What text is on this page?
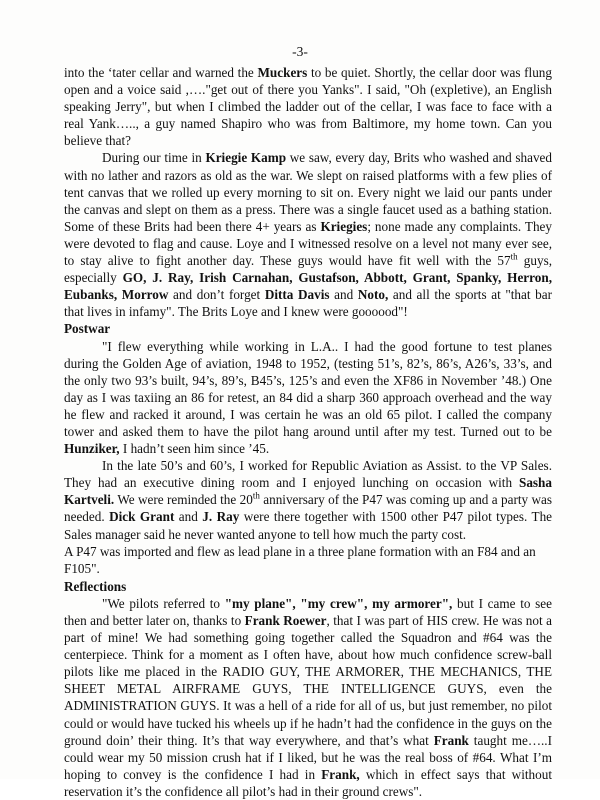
-3-

into the ‘tater cellar and warned the Muckers to be quiet. Shortly, the cellar door was flung open and a voice said ,…."get out of there you Yanks". I said, "Oh (expletive), an English speaking Jerry", but when I climbed the ladder out of the cellar, I was face to face with a real Yank….., a guy named Shapiro who was from Baltimore, my home town. Can you believe that?

During our time in Kriegie Kamp we saw, every day, Brits who washed and shaved with no lather and razors as old as the war. We slept on raised platforms with a few plies of tent canvas that we rolled up every morning to sit on. Every night we laid our pants under the canvas and slept on them as a press. There was a single faucet used as a bathing station. Some of these Brits had been there 4+ years as Kriegies; none made any complaints. They were devoted to flag and cause. Loye and I witnessed resolve on a level not many ever see, to stay alive to fight another day. These guys would have fit well with the 57th guys, especially GO, J. Ray, Irish Carnahan, Gustafson, Abbott, Grant, Spanky, Herron, Eubanks, Morrow and don’t forget Ditta Davis and Noto, and all the sports at "that bar that lives in infamy". The Brits Loye and I knew were goooood"!

Postwar

"I flew everything while working in L.A.. I had the good fortune to test planes during the Golden Age of aviation, 1948 to 1952, (testing 51’s, 82’s, 86’s, A26’s, 33’s, and the only two 93’s built, 94’s, 89’s, B45’s, 125’s and even the XF86 in November ’48.) One day as I was taxiing an 86 for retest, an 84 did a sharp 360 approach overhead and the way he flew and racked it around, I was certain he was an old 65 pilot. I called the company tower and asked them to have the pilot hang around until after my test. Turned out to be Hunziker, I hadn’t seen him since ’45.

In the late 50’s and 60’s, I worked for Republic Aviation as Assist. to the VP Sales. They had an executive dining room and I enjoyed lunching on occasion with Sasha Kartveli. We were reminded the 20th anniversary of the P47 was coming up and a party was needed. Dick Grant and J. Ray were there together with 1500 other P47 pilot types. The Sales manager said he never wanted anyone to tell how much the party cost.

A P47 was imported and flew as lead plane in a three plane formation with an F84 and an F105".

Reflections

"We pilots referred to "my plane", "my crew", my armorer", but I came to see then and better later on, thanks to Frank Roewer, that I was part of HIS crew. He was not a part of mine! We had something going together called the Squadron and #64 was the centerpiece. Think for a moment as I often have, about how much confidence screw-ball pilots like me placed in the RADIO GUY, THE ARMORER, THE MECHANICS, THE SHEET METAL AIRFRAME GUYS, THE INTELLIGENCE GUYS, even the ADMINISTRATION GUYS. It was a hell of a ride for all of us, but just remember, no pilot could or would have tucked his wheels up if he hadn’t had the confidence in the guys on the ground doin’ their thing. It’s that way everywhere, and that’s what Frank taught me…..I could wear my 50 mission crush hat if I liked, but he was the real boss of #64. What I’m hoping to convey is the confidence I had in Frank, which in effect says that without reservation it’s the confidence all pilot’s had in their ground crews".
